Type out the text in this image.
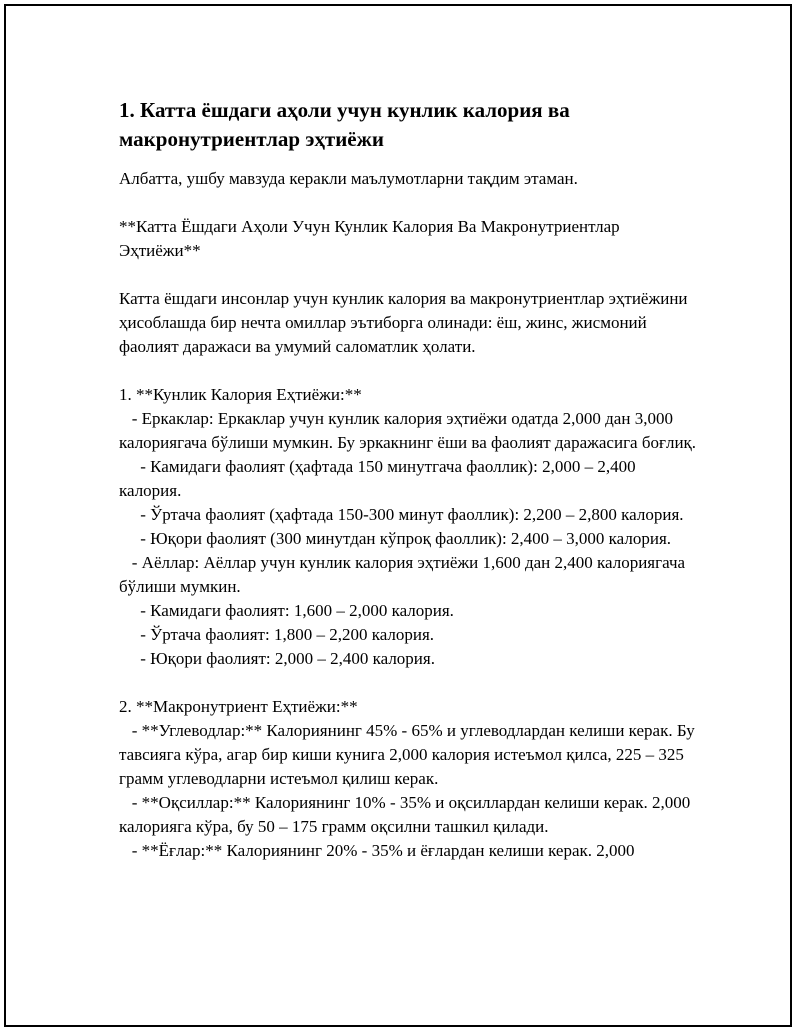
1. Катта ёшдаги аҳоли учун кунлик калория ва макронутриентлар эҳтиёжи

Албатта, ушбу мавзуда керакли маълумотларни тақдим этаман.

**Катта Ёшдаги Аҳоли Учун Кунлик Калория Ва Макронутриентлар Эҳтиёжи**

Катта ёшдаги инсонлар учун кунлик калория ва макронутриентлар эҳтиёжини ҳисоблашда бир нечта омиллар эътиборга олинади: ёш, жинс, жисмоний фаолият даражаси ва умумий саломатлик ҳолати.

1. **Кунлик Калория Еҳтиёжи:**

- Еркаклар: Еркаклар учун кунлик калория эҳтиёжи одатда 2,000 дан 3,000 калориягача бўлиши мумкин. Бу эркакнинг ёши ва фаолият даражасига боғлиқ.

- Камидаги фаолият (ҳафтада 150 минутгача фаоллик): 2,000 – 2,400 калория.

- Ўртача фаолият (ҳафтада 150-300 минут фаоллик): 2,200 – 2,800 калория.

- Юқори фаолият (300 минутдан кўпроқ фаоллик): 2,400 – 3,000 калория.

- Аёллар: Аёллар учун кунлик калория эҳтиёжи 1,600 дан 2,400 калориягача бўлиши мумкин.

- Камидаги фаолият: 1,600 – 2,000 калория.

- Ўртача фаолият: 1,800 – 2,200 калория.

- Юқори фаолият: 2,000 – 2,400 калория.

2. **Макронутриент Еҳтиёжи:**

- **Углеводлар:** Калориянинг 45% - 65% и углеводлардан келиши керак. Бу тавсияга кўра, агар бир киши кунига 2,000 калория истеъмол қилса, 225 – 325 грамм углеводларни истеъмол қилиш керак.

- **Оқсиллар:** Калориянинг 10% - 35% и оқсиллардан келиши керак. 2,000 калорияга кўра, бу 50 – 175 грамм оқсилни ташкил қилади.

- **Ёғлар:** Калориянинг 20% - 35% и ёғлардан келиши керак. 2,000
